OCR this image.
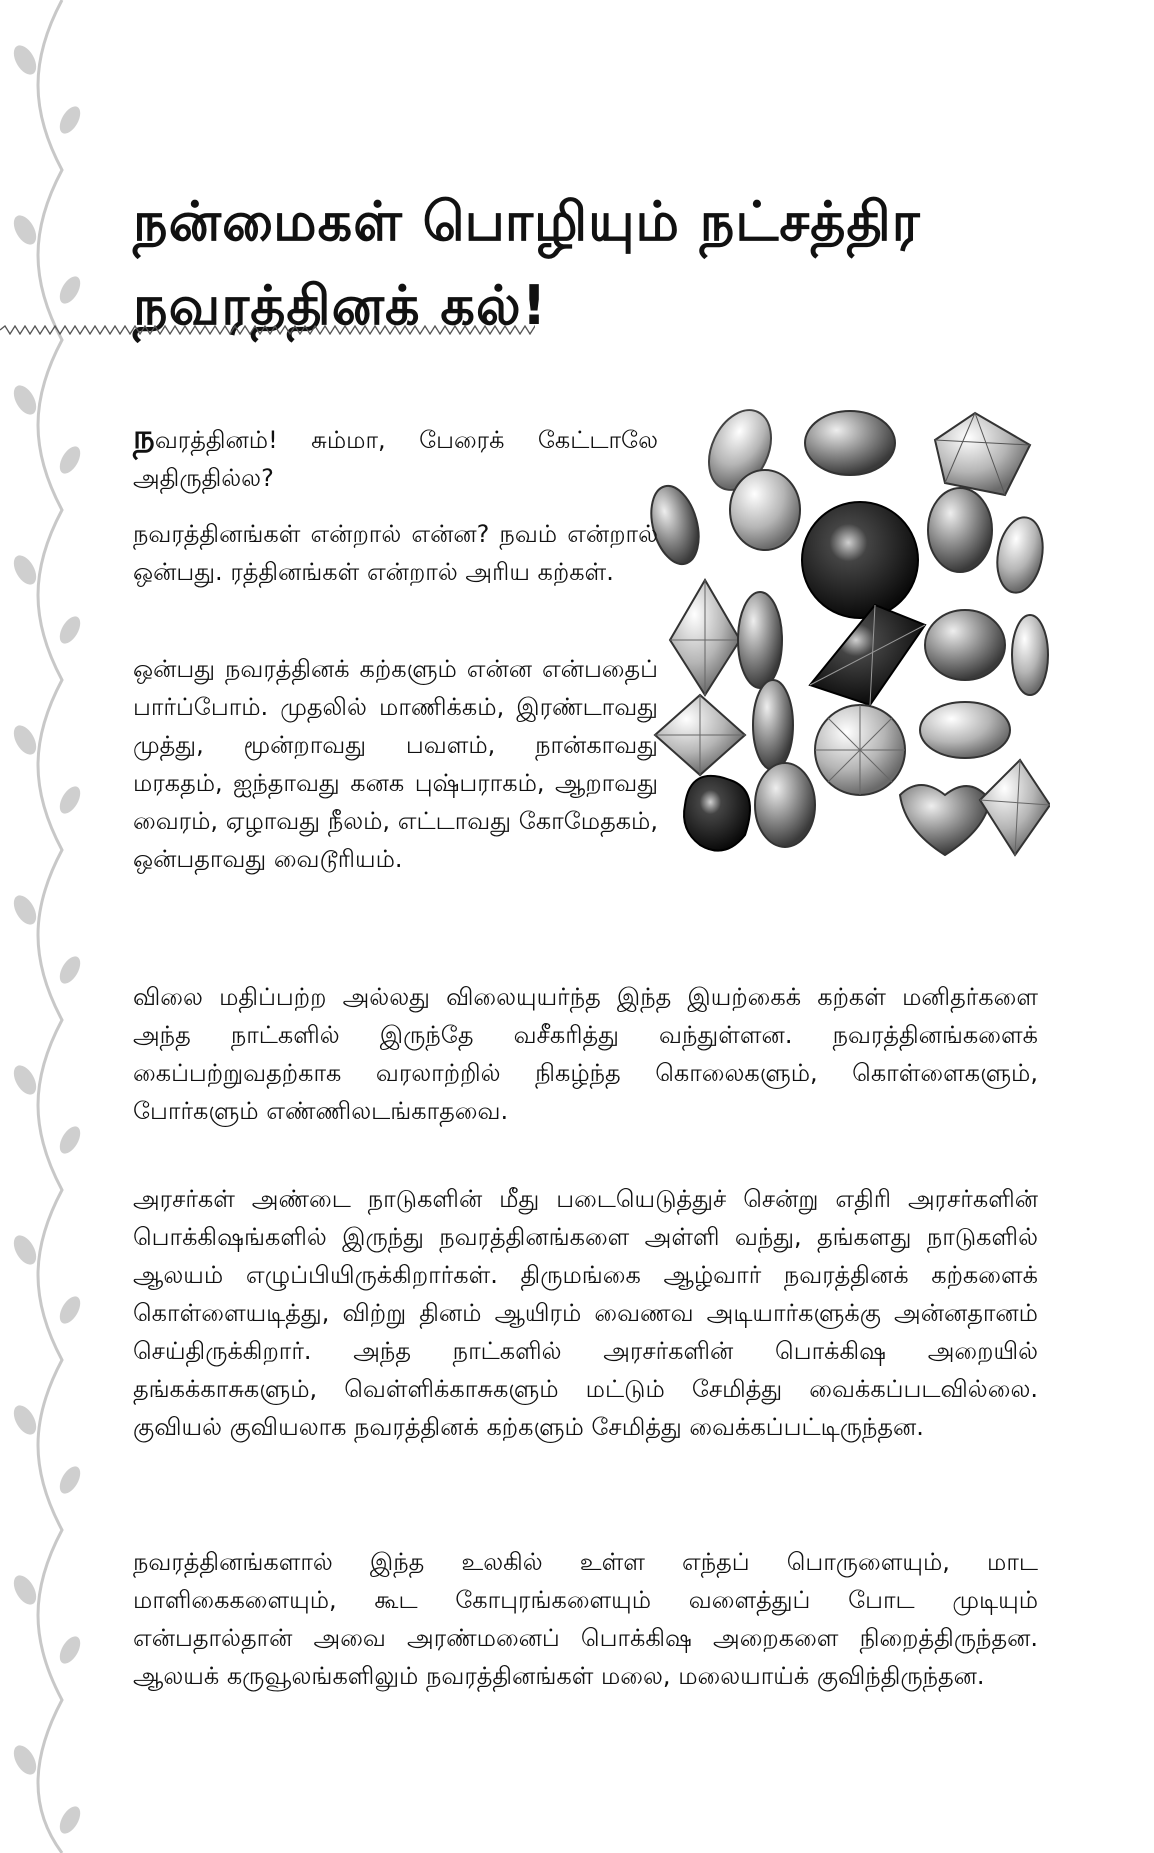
நன்மைகள் பொழியும் நட்சத்திர
நவரத்தினக் கல்!
நவரத்தினம்! சும்மா, பேரைக் கேட்டாலே அதிருதில்ல?
நவரத்தினங்கள் என்றால் என்ன? நவம் என்றால் ஒன்பது. ரத்தினங்கள் என்றால் அரிய கற்கள்.
ஒன்பது நவரத்தினக் கற்களும் என்ன என்பதைப் பார்ப்போம். முதலில் மாணிக்கம், இரண்டாவது முத்து, மூன்றாவது பவளம், நான்காவது மரகதம், ஐந்தாவது கனக புஷ்பராகம், ஆறாவது வைரம், ஏழாவது நீலம், எட்டாவது கோமேதகம், ஒன்பதாவது வைடூரியம்.
விலை மதிப்பற்ற அல்லது விலையுயர்ந்த இந்த இயற்கைக் கற்கள் மனிதர்களை அந்த நாட்களில் இருந்தே வசீகரித்து வந்துள்ளன. நவரத்தினங்களைக் கைப்பற்றுவதற்காக வரலாற்றில் நிகழ்ந்த கொலைகளும், கொள்ளைகளும், போர்களும் எண்ணிலடங்காதவை.
அரசர்கள் அண்டை நாடுகளின் மீது படையெடுத்துச் சென்று எதிரி அரசர்களின் பொக்கிஷங்களில் இருந்து நவரத்தினங்களை அள்ளி வந்து, தங்களது நாடுகளில் ஆலயம் எழுப்பியிருக்கிறார்கள். திருமங்கை ஆழ்வார் நவரத்தினக் கற்களைக் கொள்ளையடித்து, விற்று தினம் ஆயிரம் வைணவ அடியார்களுக்கு அன்னதானம் செய்திருக்கிறார். அந்த நாட்களில் அரசர்களின் பொக்கிஷ அறையில் தங்கக்காசுகளும், வெள்ளிக்காசுகளும் மட்டும் சேமித்து வைக்கப்படவில்லை. குவியல் குவியலாக நவரத்தினக் கற்களும் சேமித்து வைக்கப்பட்டிருந்தன.
நவரத்தினங்களால் இந்த உலகில் உள்ள எந்தப் பொருளையும், மாட மாளிகைகளையும், கூட கோபுரங்களையும் வளைத்துப் போட முடியும் என்பதால்தான் அவை அரண்மனைப் பொக்கிஷ அறைகளை நிறைத்திருந்தன. ஆலயக் கருவூலங்களிலும் நவரத்தினங்கள் மலை, மலையாய்க் குவிந்திருந்தன.
